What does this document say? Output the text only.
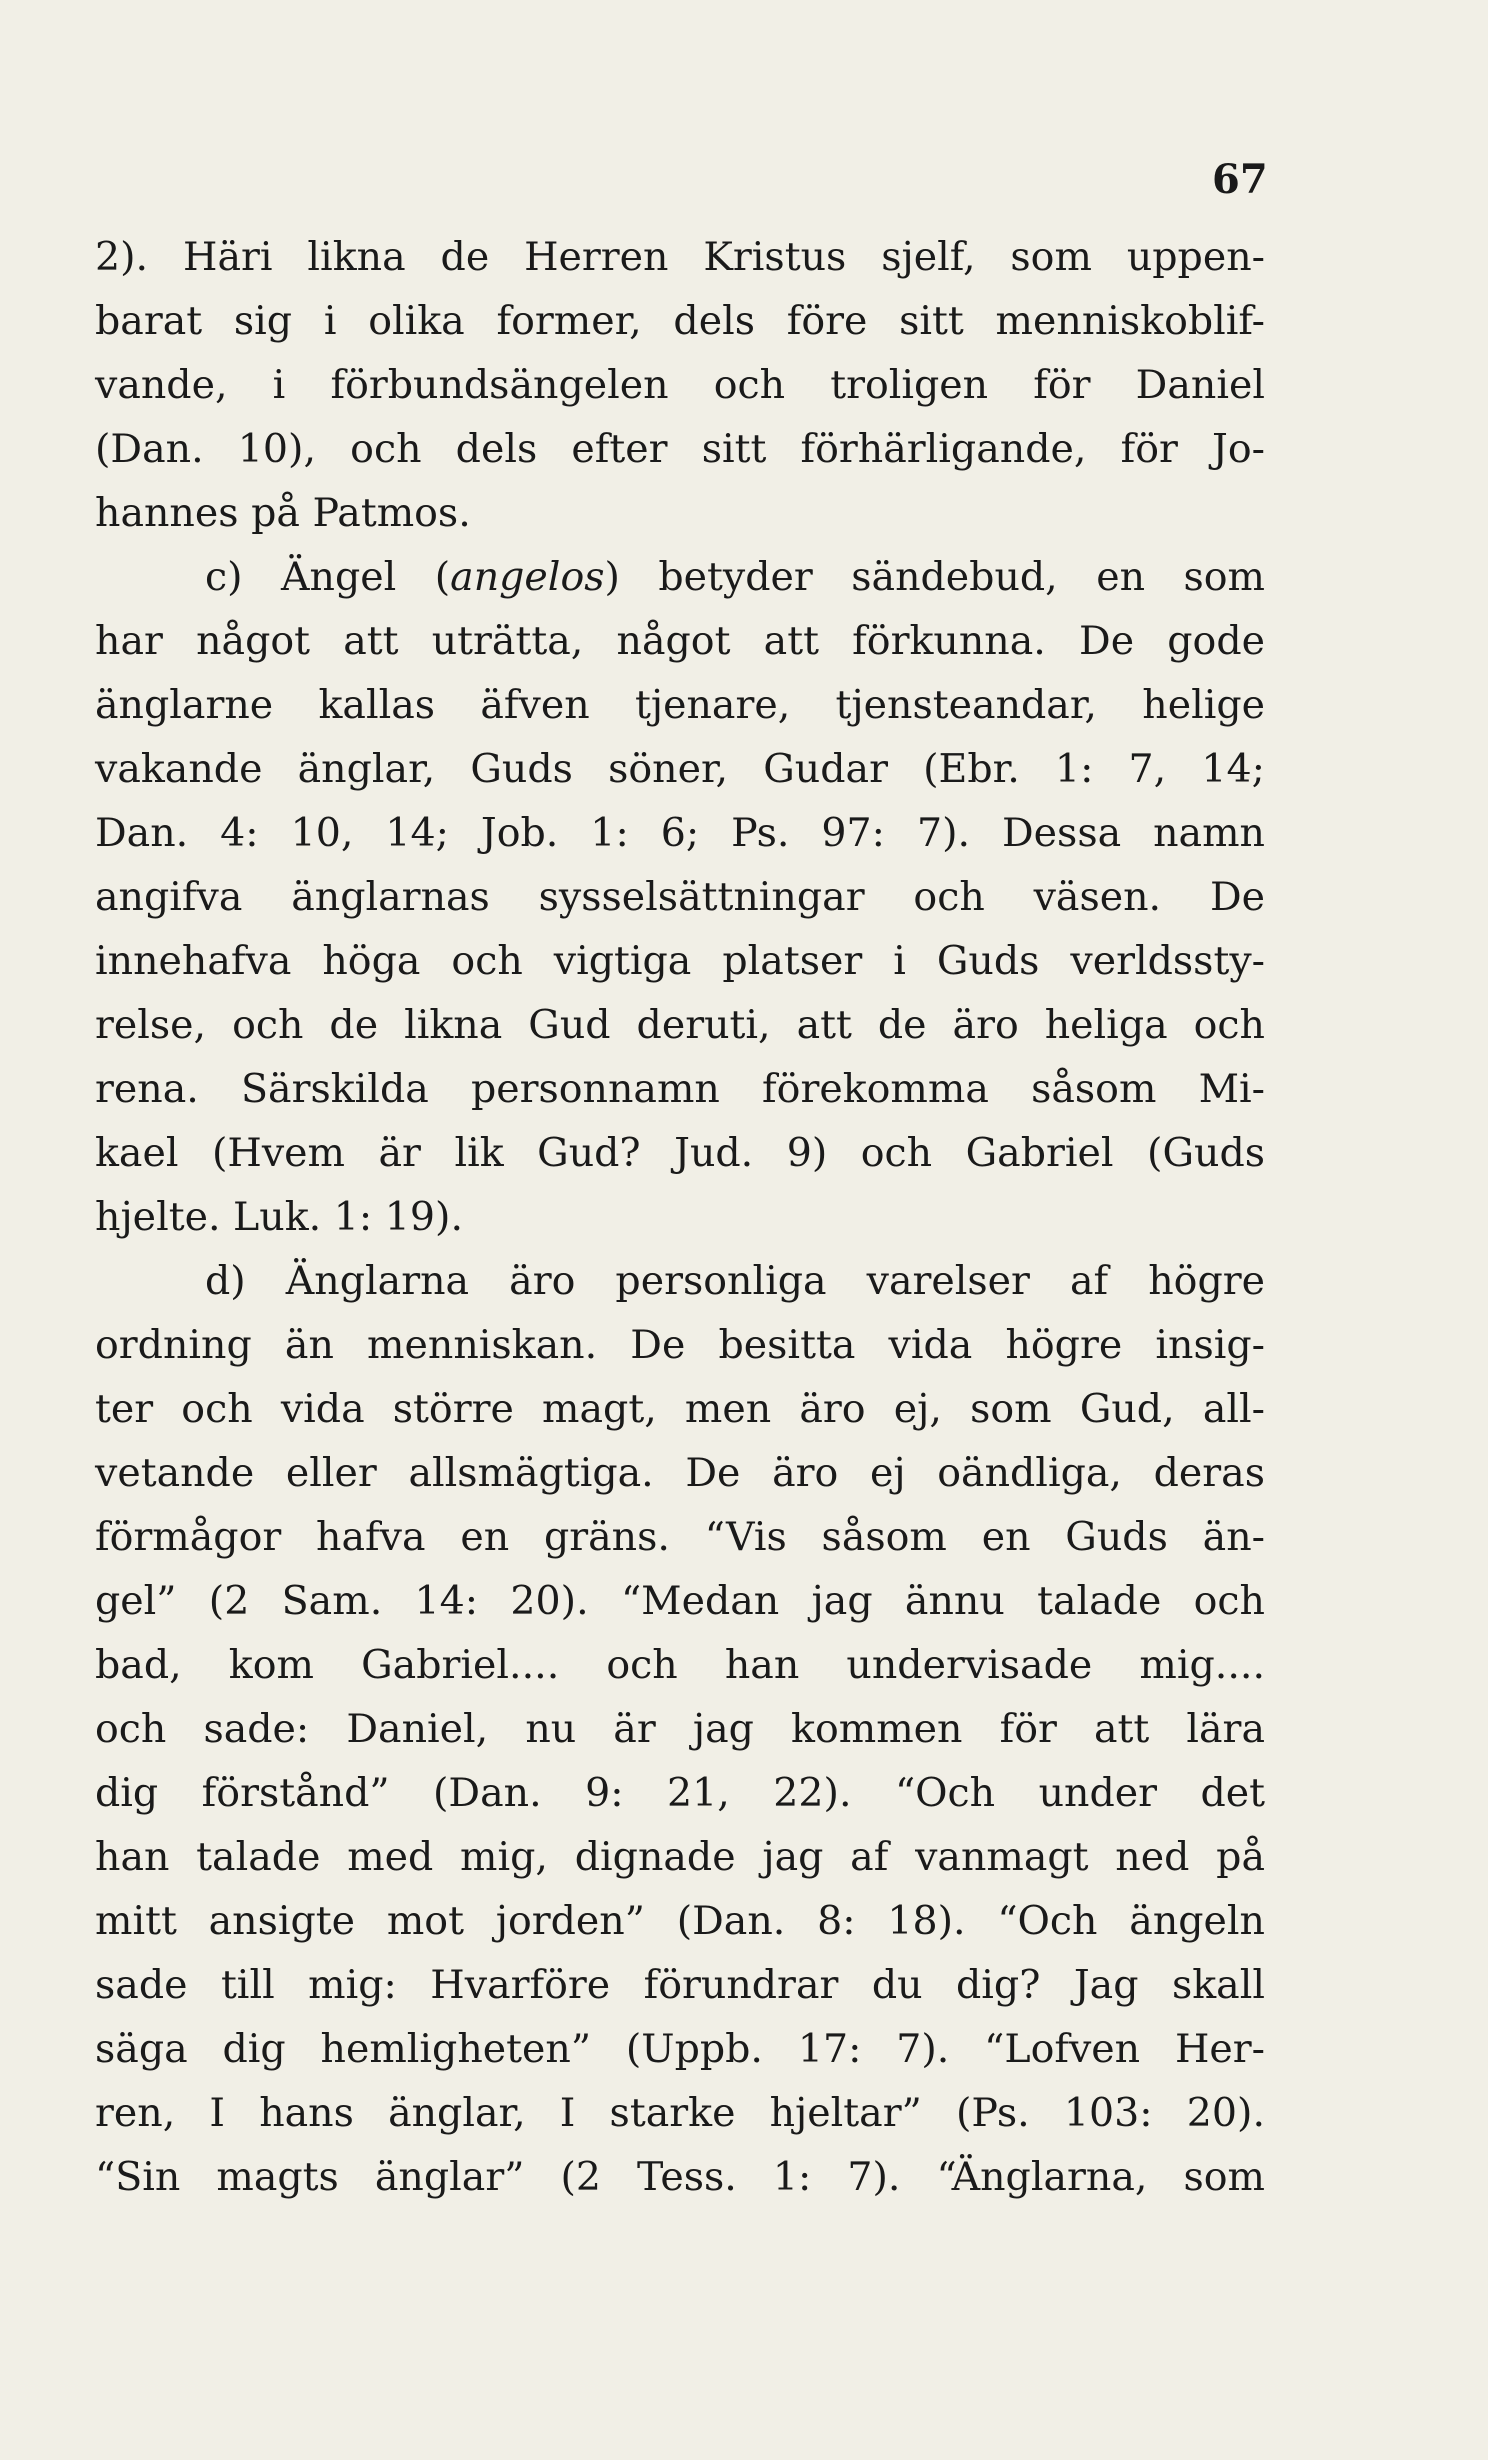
67
2). Häri likna de Herren Kristus sjelf, som uppen-
barat sig i olika former, dels före sitt menniskoblif-
vande, i förbundsängelen och troligen för Daniel
(Dan. 10), och dels efter sitt förhärligande, för Jo-
hannes på Patmos.
c) Ängel (angelos) betyder sändebud, en som
har något att uträtta, något att förkunna. De gode
änglarne kallas äfven tjenare, tjensteandar, helige
vakande änglar, Guds söner, Gudar (Ebr. 1: 7, 14;
Dan. 4: 10, 14; Job. 1: 6; Ps. 97: 7). Dessa namn
angifva änglarnas sysselsättningar och väsen. De
innehafva höga och vigtiga platser i Guds verldssty-
relse, och de likna Gud deruti, att de äro heliga och
rena. Särskilda personnamn förekomma såsom Mi-
kael (Hvem är lik Gud? Jud. 9) och Gabriel (Guds
hjelte. Luk. 1: 19).
d) Änglarna äro personliga varelser af högre
ordning än menniskan. De besitta vida högre insig-
ter och vida större magt, men äro ej, som Gud, all-
vetande eller allsmägtiga. De äro ej oändliga, deras
förmågor hafva en gräns. “Vis såsom en Guds än-
gel” (2 Sam. 14: 20). “Medan jag ännu talade och
bad, kom Gabriel.... och han undervisade mig....
och sade: Daniel, nu är jag kommen för att lära
dig förstånd” (Dan. 9: 21, 22). “Och under det
han talade med mig, dignade jag af vanmagt ned på
mitt ansigte mot jorden” (Dan. 8: 18). “Och ängeln
sade till mig: Hvarföre förundrar du dig? Jag skall
säga dig hemligheten” (Uppb. 17: 7). “Lofven Her-
ren, I hans änglar, I starke hjeltar” (Ps. 103: 20).
“Sin magts änglar” (2 Tess. 1: 7). “Änglarna, som
